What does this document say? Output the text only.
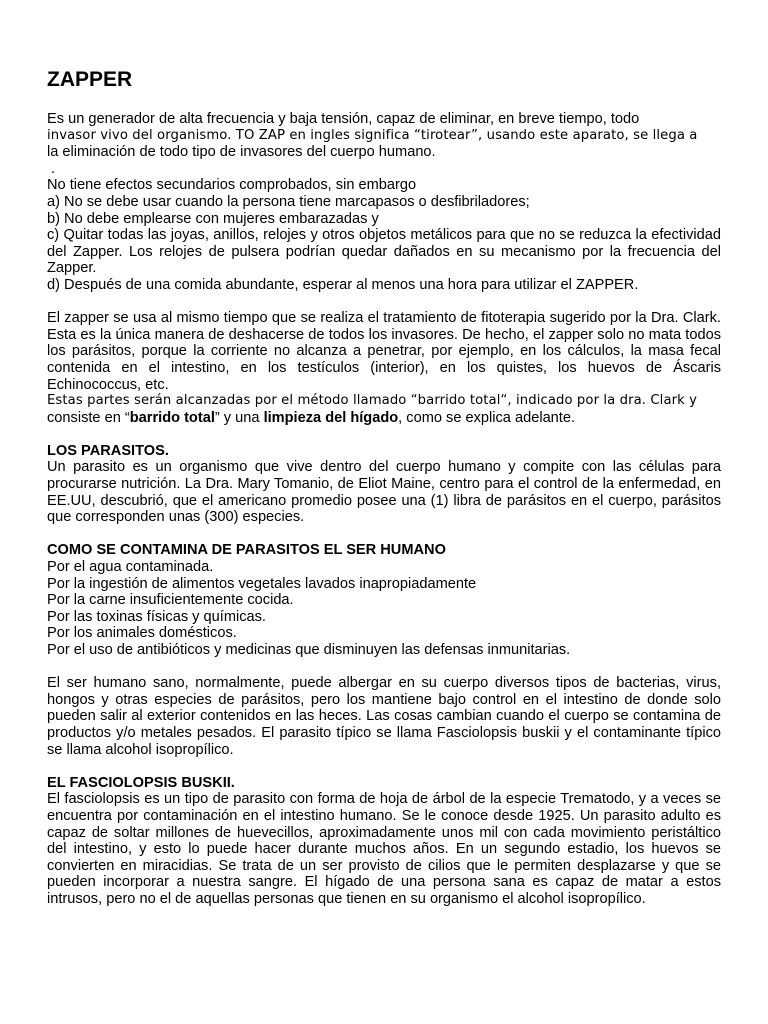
ZAPPER

Es un generador de alta frecuencia y baja tensión, capaz de eliminar, en breve tiempo, todo

invasor vivo del organismo. TO ZAP en ingles significa “tirotear”, usando este aparato, se llega a

la eliminación de todo tipo de invasores del cuerpo humano.

.
No tiene efectos secundarios comprobados, sin embargo
a) No se debe usar cuando la persona tiene marcapasos o desfibriladores;
b) No debe emplearse con mujeres embarazadas y

c) Quitar todas las joyas, anillos, relojes y otros objetos metálicos para que no se reduzca la efectividad del Zapper. Los relojes de pulsera podrían quedar dañados en su mecanismo por la frecuencia del Zapper.

d) Después de una comida abundante, esperar al menos una hora para utilizar el ZAPPER.

El zapper se usa al mismo tiempo que se realiza el tratamiento de fitoterapia sugerido por la Dra. Clark. Esta es la única manera de deshacerse de todos los invasores. De hecho, el zapper solo no mata todos los parásitos, porque la corriente no alcanza a penetrar, por ejemplo, en los cálculos, la masa fecal contenida en el intestino, en los testículos (interior), en los quistes, los huevos de Áscaris Echinococcus, etc.

Estas partes serán alcanzadas por el método llamado “barrido total“, indicado por la dra. Clark y

consiste en “barrido total” y una limpieza del hígado, como se explica adelante.
LOS PARASITOS.

Un parasito es un organismo que vive dentro del cuerpo humano y compite con las células para procurarse nutrición. La Dra. Mary Tomanio, de Eliot Maine, centro para el control de la enfermedad, en EE.UU, descubrió, que el americano promedio posee una (1) libra de parásitos en el cuerpo, parásitos que corresponden unas (300) especies.

COMO SE CONTAMINA DE PARASITOS EL SER HUMANO
Por el agua contaminada.
Por la ingestión de alimentos vegetales lavados inapropiadamente
Por la carne insuficientemente cocida.
Por las toxinas físicas y químicas.
Por los animales domésticos.
Por el uso de antibióticos y medicinas que disminuyen las defensas inmunitarias.

El ser humano sano, normalmente, puede albergar en su cuerpo diversos tipos de bacterias, virus, hongos y otras especies de parásitos, pero los mantiene bajo control en el intestino de donde solo pueden salir al exterior contenidos en las heces. Las cosas cambian cuando el cuerpo se contamina de productos y/o metales pesados. El parasito típico se llama Fasciolopsis buskii y el contaminante típico se llama alcohol isopropílico.

EL FASCIOLOPSIS BUSKII.

El fasciolopsis es un tipo de parasito con forma de hoja de árbol de la especie Trematodo, y a veces se encuentra por contaminación en el intestino humano. Se le conoce desde 1925. Un parasito adulto es capaz de soltar millones de huevecillos, aproximadamente unos mil con cada movimiento peristáltico del intestino, y esto lo puede hacer durante muchos años. En un segundo estadio, los huevos se convierten en miracidias. Se trata de un ser provisto de cilios que le permiten desplazarse y que se pueden incorporar a nuestra sangre. El hígado de una persona sana es capaz de matar a estos intrusos, pero no el de aquellas personas que tienen en su organismo el alcohol isopropílico.
